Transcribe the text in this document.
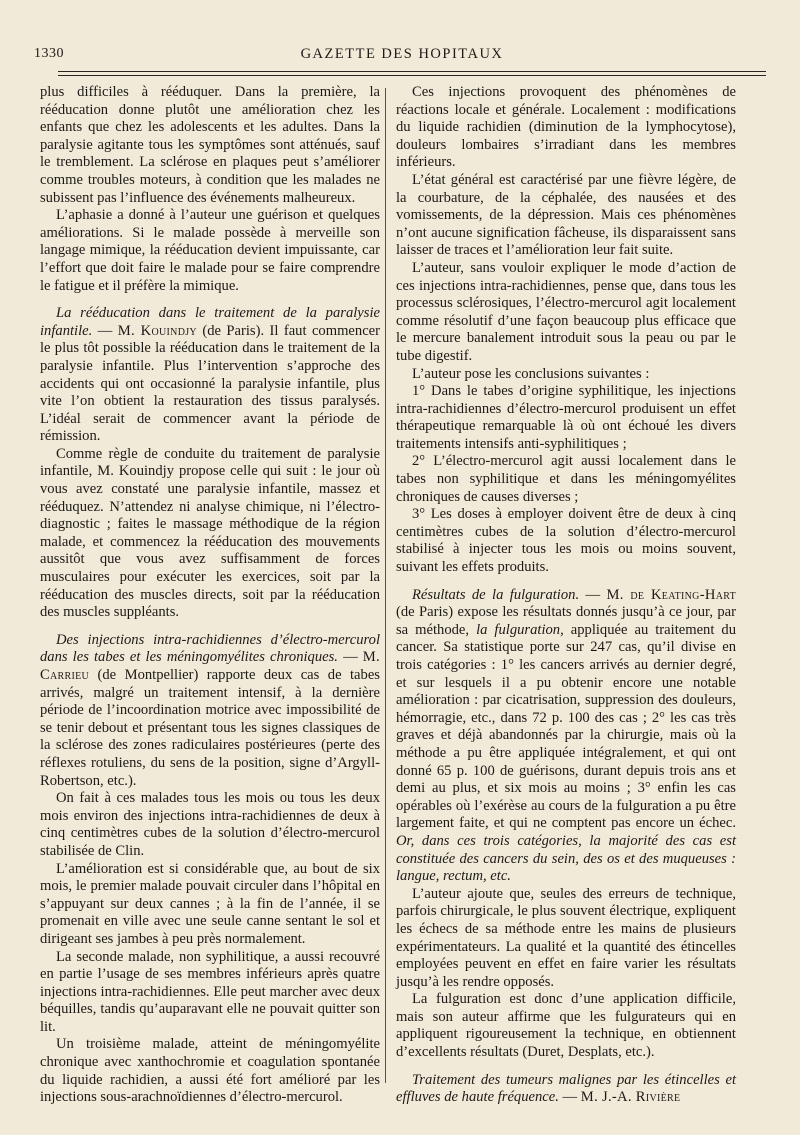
1330	GAZETTE DES HOPITAUX

plus difficiles à rééduquer. Dans la première, la rééducation donne plutôt une amélioration chez les enfants que chez les adolescents et les adultes. Dans la paralysie agitante tous les symptômes sont atténués, sauf le tremblement. La sclérose en plaques peut s’améliorer comme troubles moteurs, à condition que les malades ne subissent pas l’influence des événements malheureux.

L’aphasie a donné à l’auteur une guérison et quelques améliorations. Si le malade possède à merveille son langage mimique, la rééducation devient impuissante, car l’effort que doit faire le malade pour se faire comprendre le fatigue et il préfère la mimique.

La rééducation dans le traitement de la paralysie infantile. — M. Kouindjy (de Paris). Il faut commencer le plus tôt possible la rééducation dans le traitement de la paralysie infantile. Plus l’intervention s’approche des accidents qui ont occasionné la paralysie infantile, plus vite l’on obtient la restauration des tissus paralysés. L’idéal serait de commencer avant la période de rémission.

Comme règle de conduite du traitement de paralysie infantile, M. Kouindjy propose celle qui suit : le jour où vous avez constaté une paralysie infantile, massez et rééduquez. N’attendez ni analyse chimique, ni l’électro-diagnostic ; faites le massage méthodique de la région malade, et commencez la rééducation des mouvements aussitôt que vous avez suffisamment de forces musculaires pour exécuter les exercices, soit par la rééducation des muscles directs, soit par la rééducation des muscles suppléants.

Des injections intra-rachidiennes d’électro-mercurol dans les tabes et les méningomyélites chroniques. — M. Carrieu (de Montpellier) rapporte deux cas de tabes arrivés, malgré un traitement intensif, à la dernière période de l’incoordination motrice avec impossibilité de se tenir debout et présentant tous les signes classiques de la sclérose des zones radiculaires postérieures (perte des réflexes rotuliens, du sens de la position, signe d’Argyll-Robertson, etc.).

On fait à ces malades tous les mois ou tous les deux mois environ des injections intra-rachidiennes de deux à cinq centimètres cubes de la solution d’électro-mercurol stabilisée de Clin.

L’amélioration est si considérable que, au bout de six mois, le premier malade pouvait circuler dans l’hôpital en s’appuyant sur deux cannes ; à la fin de l’année, il se promenait en ville avec une seule canne sentant le sol et dirigeant ses jambes à peu près normalement.

La seconde malade, non syphilitique, a aussi recouvré en partie l’usage de ses membres inférieurs après quatre injections intra-rachidiennes. Elle peut marcher avec deux béquilles, tandis qu’auparavant elle ne pouvait quitter son lit.

Un troisième malade, atteint de méningomyélite chronique avec xanthochromie et coagulation spontanée du liquide rachidien, a aussi été fort amélioré par les injections sous-arachnoïdiennes d’électro-mercurol.

Ces injections provoquent des phénomènes de réactions locale et générale. Localement : modifications du liquide rachidien (diminution de la lymphocytose), douleurs lombaires s’irradiant dans les membres inférieurs.

L’état général est caractérisé par une fièvre légère, de la courbature, de la céphalée, des nausées et des vomissements, de la dépression. Mais ces phénomènes n’ont aucune signification fâcheuse, ils disparaissent sans laisser de traces et l’amélioration leur fait suite.

L’auteur, sans vouloir expliquer le mode d’action de ces injections intra-rachidiennes, pense que, dans tous les processus sclérosiques, l’électro-mercurol agit localement comme résolutif d’une façon beaucoup plus efficace que le mercure banalement introduit sous la peau ou par le tube digestif.

L’auteur pose les conclusions suivantes :

1° Dans le tabes d’origine syphilitique, les injections intra-rachidiennes d’électro-mercurol produisent un effet thérapeutique remarquable là où ont échoué les divers traitements intensifs anti-syphilitiques ;

2° L’électro-mercurol agit aussi localement dans le tabes non syphilitique et dans les méningomyélites chroniques de causes diverses ;

3° Les doses à employer doivent être de deux à cinq centimètres cubes de la solution d’électro-mercurol stabilisé à injecter tous les mois ou moins souvent, suivant les effets produits.

Résultats de la fulguration. — M. de Keating-Hart (de Paris) expose les résultats donnés jusqu’à ce jour, par sa méthode, la fulguration, appliquée au traitement du cancer. Sa statistique porte sur 247 cas, qu’il divise en trois catégories : 1° les cancers arrivés au dernier degré, et sur lesquels il a pu obtenir encore une notable amélioration : par cicatrisation, suppression des douleurs, hémorragie, etc., dans 72 p. 100 des cas ; 2° les cas très graves et déjà abandonnés par la chirurgie, mais où la méthode a pu être appliquée intégralement, et qui ont donné 65 p. 100 de guérisons, durant depuis trois ans et demi au plus, et six mois au moins ; 3° enfin les cas opérables où l’exérèse au cours de la fulguration a pu être largement faite, et qui ne comptent pas encore un échec. Or, dans ces trois catégories, la majorité des cas est constituée des cancers du sein, des os et des muqueuses : langue, rectum, etc.

L’auteur ajoute que, seules des erreurs de technique, parfois chirurgicale, le plus souvent électrique, expliquent les échecs de sa méthode entre les mains de plusieurs expérimentateurs. La qualité et la quantité des étincelles employées peuvent en effet en faire varier les résultats jusqu’à les rendre opposés.

La fulguration est donc d’une application difficile, mais son auteur affirme que les fulgurateurs qui en appliquent rigoureusement la technique, en obtiennent d’excellents résultats (Duret, Desplats, etc.).

Traitement des tumeurs malignes par les étincelles et effluves de haute fréquence. — M. J.-A. Rivière
